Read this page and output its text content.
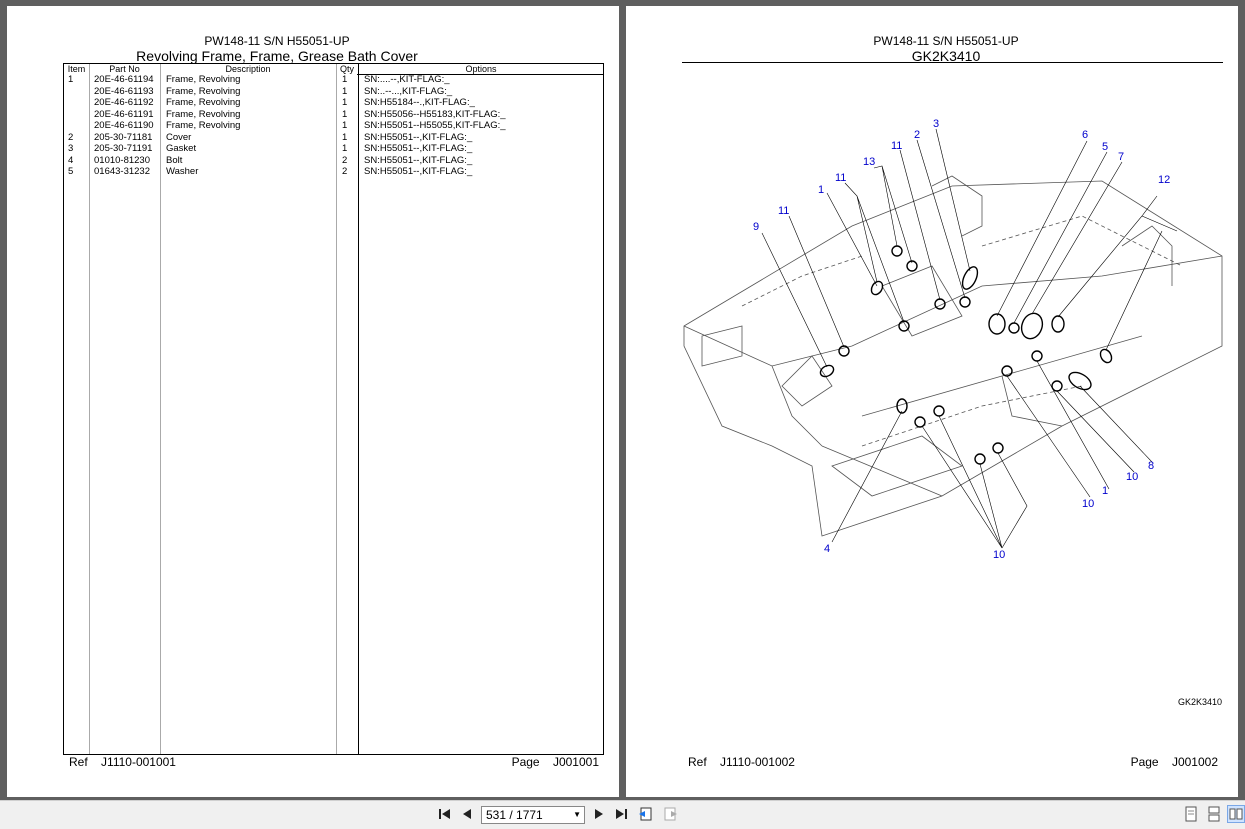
PW148-11 S/N H55051-UP
Revolving Frame, Frame, Grease Bath Cover
Item	Part No	Description	Qty	Options
1 20E-46-61194 Frame, Revolving	1 SN:....--,KIT-FLAG:_
20E-46-61193 Frame, Revolving	1 SN:..--...,KIT-FLAG:_
20E-46-61192 Frame, Revolving	1 SN:H55184--.,KIT-FLAG:_
20E-46-61191 Frame, Revolving	1 SN:H55056--H55183,KIT-FLAG:_
20E-46-61190 Frame, Revolving	1 SN:H55051--H55055,KIT-FLAG:_
2 205-30-71181 Cover	1 SN:H55051--,KIT-FLAG:_
3 205-30-71191 Gasket	1 SN:H55051--,KIT-FLAG:_
4 01010-81230 Bolt	2 SN:H55051--,KIT-FLAG:_
5 01643-31232 Washer	2 SN:H55051--,KIT-FLAG:_
Ref J1110-001001	Page J001001
PW148-11 S/N H55051-UP
GK2K3410
3
2
11
13
11
1
11
9
6
5
7
12
8
10
1
10
10
4
GK2K3410
Ref J1110-001002	Page J001002
531 / 1771	▼
